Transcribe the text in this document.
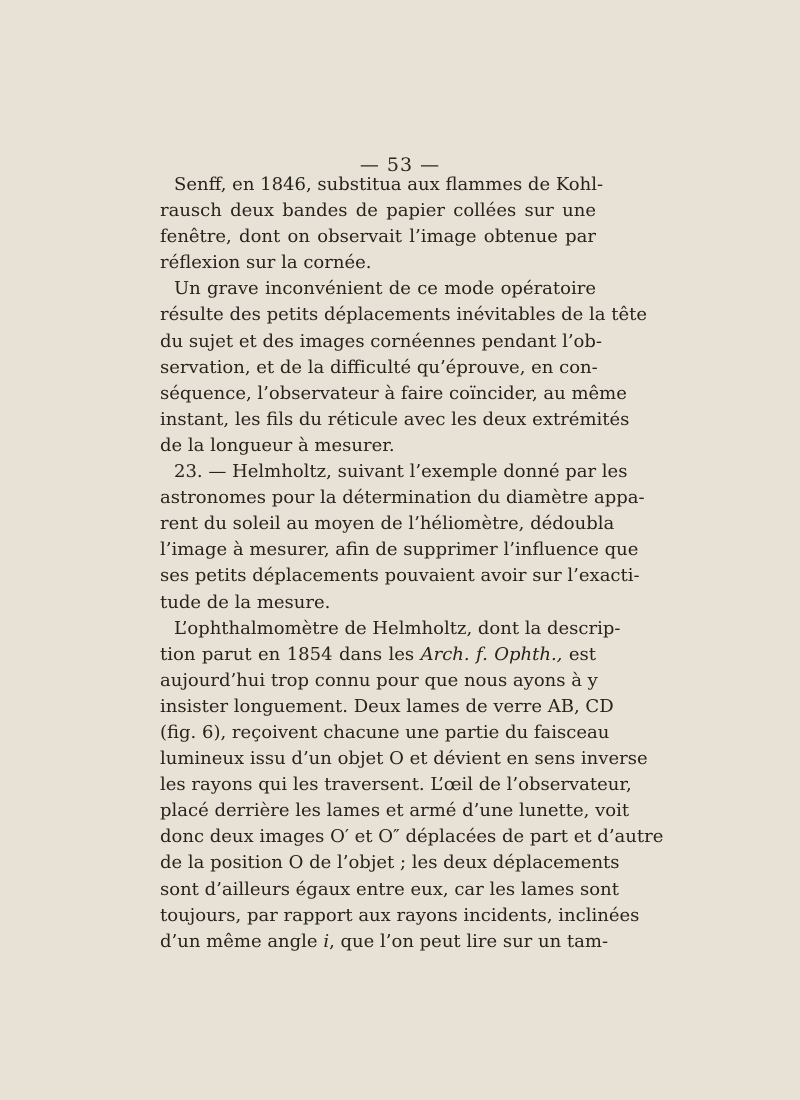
— 53 —
Senff, en 1846, substitua aux flammes de Kohl-
rausch deux bandes de papier collées sur une
fenêtre, dont on observait l’image obtenue par
réflexion sur la cornée.
Un grave inconvénient de ce mode opératoire
résulte des petits déplacements inévitables de la tête
du sujet et des images cornéennes pendant l’ob-
servation, et de la difficulté qu’éprouve, en con-
séquence, l’observateur à faire coïncider, au même
instant, les fils du réticule avec les deux extrémités
de la longueur à mesurer.
23. — Helmholtz, suivant l’exemple donné par les
astronomes pour la détermination du diamètre appa-
rent du soleil au moyen de l’héliomètre, dédoubla
l’image à mesurer, afin de supprimer l’influence que
ses petits déplacements pouvaient avoir sur l’exacti-
tude de la mesure.
L’ophthalmomètre de Helmholtz, dont la descrip-
tion parut en 1854 dans les Arch. f. Ophth., est
aujourd’hui trop connu pour que nous ayons à y
insister longuement. Deux lames de verre AB, CD
(fig. 6), reçoivent chacune une partie du faisceau
lumineux issu d’un objet O et dévient en sens inverse
les rayons qui les traversent. L’œil de l’observateur,
placé derrière les lames et armé d’une lunette, voit
donc deux images O′ et O″ déplacées de part et d’autre
de la position O de l’objet ; les deux déplacements
sont d’ailleurs égaux entre eux, car les lames sont
toujours, par rapport aux rayons incidents, inclinées
d’un même angle i, que l’on peut lire sur un tam-
